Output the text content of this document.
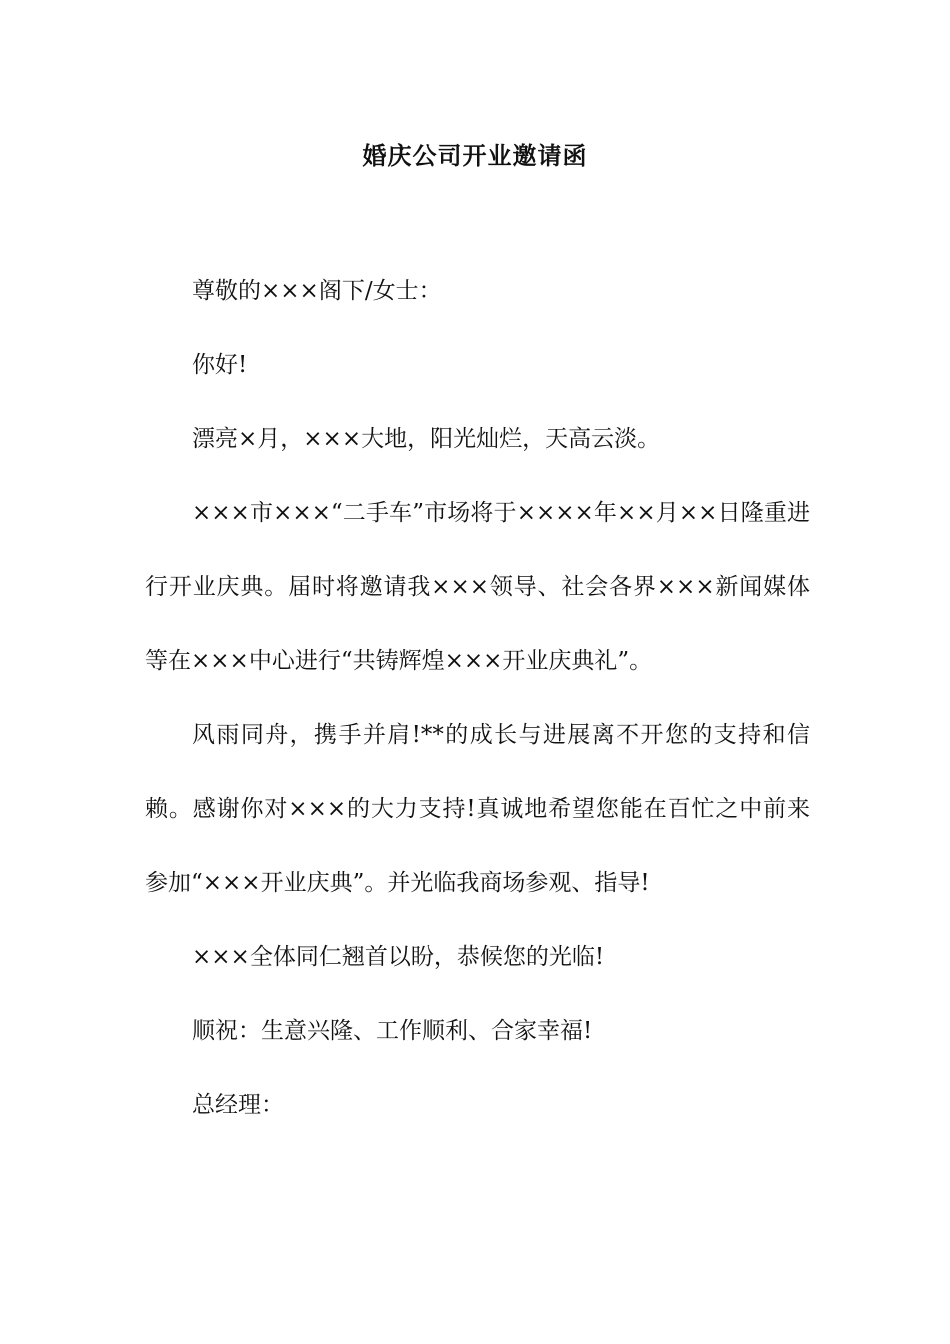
婚庆公司开业邀请函

尊敬的×××阁下/女士：

你好!

漂亮×月，×××大地，阳光灿烂，天高云淡。

×××市×××“二手车”市场将于××××年××月××日隆重进行开业庆典。届时将邀请我×××领导、社会各界×××新闻媒体等在×××中心进行“共铸辉煌×××开业庆典礼”。

风雨同舟，携手并肩!**的成长与进展离不开您的支持和信赖。感谢你对×××的大力支持!真诚地希望您能在百忙之中前来参加“×××开业庆典”。并光临我商场参观、指导!

×××全体同仁翘首以盼，恭候您的光临!

顺祝：生意兴隆、工作顺利、合家幸福!

总经理：
